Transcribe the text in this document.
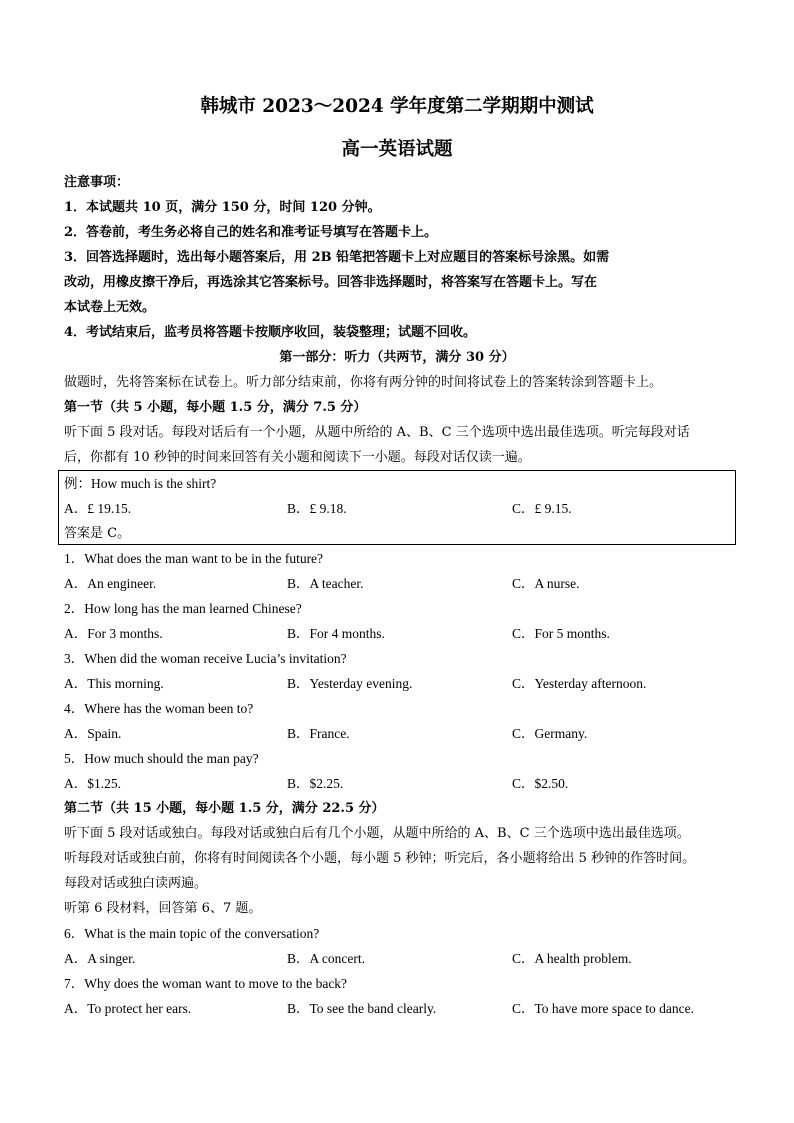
韩城市 2023～2024 学年度第二学期期中测试
高一英语试题
注意事项：
1．本试题共 10 页，满分 150 分，时间 120 分钟。
2．答卷前，考生务必将自己的姓名和准考证号填写在答题卡上。
3．回答选择题时，选出每小题答案后，用 2B 铅笔把答题卡上对应题目的答案标号涂黑。如需
改动，用橡皮擦干净后，再选涂其它答案标号。回答非选择题时，将答案写在答题卡上。写在
本试卷上无效。
4．考试结束后，监考员将答题卡按顺序收回，装袋整理；试题不回收。
第一部分：听力（共两节，满分 30 分）
做题时，先将答案标在试卷上。听力部分结束前，你将有两分钟的时间将试卷上的答案转涂到答题卡上。
第一节（共 5 小题，每小题 1.5 分，满分 7.5 分）
听下面 5 段对话。每段对话后有一个小题，从题中所给的 A、B、C 三个选项中选出最佳选项。听完每段对话
后，你都有 10 秒钟的时间来回答有关小题和阅读下一小题。每段对话仅读一遍。
例：How much is the shirt?
A．£ 19.15.	B．£ 9.18.	C．£ 9.15.
答案是 C。
1．What does the man want to be in the future?
A．An engineer.	B．A teacher.	C．A nurse.
2．How long has the man learned Chinese?
A．For 3 months.	B．For 4 months.	C．For 5 months.
3．When did the woman receive Lucia’s invitation?
A．This morning.	B．Yesterday evening.	C．Yesterday afternoon.
4．Where has the woman been to?
A．Spain.	B．France.	C．Germany.
5．How much should the man pay?
A．$1.25.	B．$2.25.	C．$2.50.
第二节（共 15 小题，每小题 1.5 分，满分 22.5 分）
听下面 5 段对话或独白。每段对话或独白后有几个小题，从题中所给的 A、B、C 三个选项中选出最佳选项。
听每段对话或独白前，你将有时间阅读各个小题，每小题 5 秒钟；听完后，各小题将给出 5 秒钟的作答时间。
每段对话或独白读两遍。
听第 6 段材料，回答第 6、7 题。
6．What is the main topic of the conversation?
A．A singer.	B．A concert.	C．A health problem.
7．Why does the woman want to move to the back?
A．To protect her ears.	B．To see the band clearly.	C．To have more space to dance.
